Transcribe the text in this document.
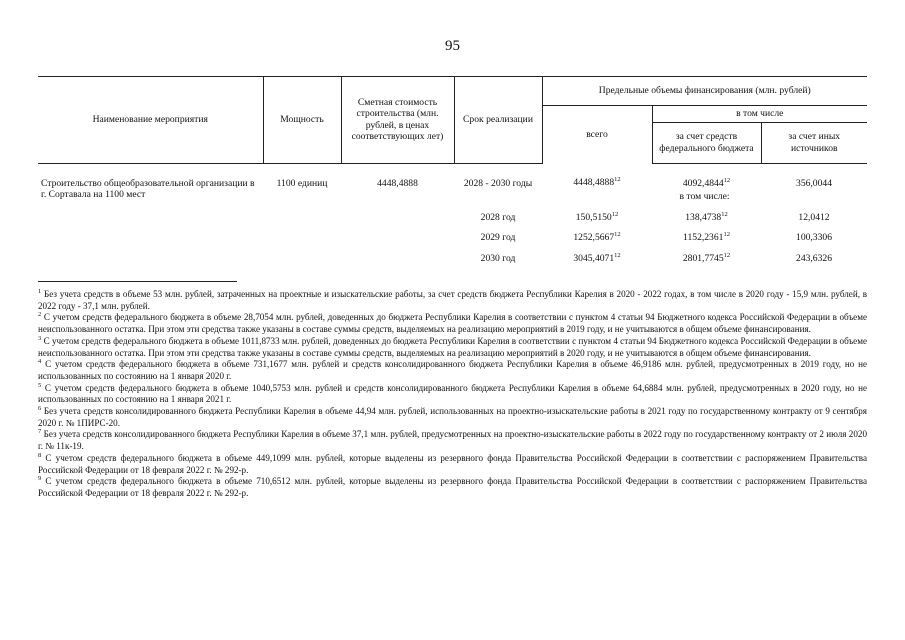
95
Наименование мероприятия	Мощность	Сметная стоимость строительства (млн. рублей, в ценах соответствующих лет)	Срок реализации	Предельные объемы финансирования (млн. рублей)		
				всего	в том числе	
					за счет средств федерального бюджета	за счет иных источников
Строительство общеобразовательной организации в г. Сортавала на 1100 мест	1100 единиц	4448,4888	2028 - 2030 годы	4448,4888$^{12}$	4092,4844$^{12}$	356,0044
				в том числе:		
			2028 год	150,5150$^{12}$	138,4738$^{12}$	12,0412
			2029 год	1252,5667$^{12}$	1152,2361$^{12}$	100,3306
			2030 год	3045,4071$^{12}$	2801,7745$^{12}$	243,6326

$^1$ Без учета средств в объеме 53 млн. рублей, затраченных на проектные и изыскательские работы, за счет средств бюджета Республики Карелия в 2020 - 2022 годах, в том числе в 2020 году - 15,9 млн. рублей, в 2022 году - 37,1 млн. рублей.

$^2$ С учетом средств федерального бюджета в объеме 28,7054 млн. рублей, доведенных до бюджета Республики Карелия в соответствии с пунктом 4 статьи 94 Бюджетного кодекса Российской Федерации в объеме неиспользованного остатка. При этом эти средства также указаны в составе суммы средств, выделяемых на реализацию мероприятий в 2019 году, и не учитываются в общем объеме финансирования.

$^3$ С учетом средств федерального бюджета в объеме 1011,8733 млн. рублей, доведенных до бюджета Республики Карелия в соответствии с пунктом 4 статьи 94 Бюджетного кодекса Российской Федерации в объеме неиспользованного остатка. При этом эти средства также указаны в составе суммы средств, выделяемых на реализацию мероприятий в 2020 году, и не учитываются в общем объеме финансирования.

$^4$ С учетом средств федерального бюджета в объеме 731,1677 млн. рублей и средств консолидированного бюджета Республики Карелия в объеме 46,9186 млн. рублей, предусмотренных в 2019 году, но не использованных по состоянию на 1 января 2020 г.

$^5$ С учетом средств федерального бюджета в объеме 1040,5753 млн. рублей и средств консолидированного бюджета Республики Карелия в объеме 64,6884 млн. рублей, предусмотренных в 2020 году, но не использованных по состоянию на 1 января 2021 г.

$^6$ Без учета средств консолидированного бюджета Республики Карелия в объеме 44,94 млн. рублей, использованных на проектно-изыскательские работы в 2021 году по государственному контракту от 9 сентября 2020 г. № 1ПИРС-20.

$^7$ Без учета средств консолидированного бюджета Республики Карелия в объеме 37,1 млн. рублей, предусмотренных на проектно-изыскательские работы в 2022 году по государственному контракту от 2 июля 2020 г. № 11к-19.

$^8$ С учетом средств федерального бюджета в объеме 449,1099 млн. рублей, которые выделены из резервного фонда Правительства Российской Федерации в соответствии с распоряжением Правительства Российской Федерации от 18 февраля 2022 г. № 292-р.

$^9$ С учетом средств федерального бюджета в объеме 710,6512 млн. рублей, которые выделены из резервного фонда Правительства Российской Федерации в соответствии с распоряжением Правительства Российской Федерации от 18 февраля 2022 г. № 292-р.
